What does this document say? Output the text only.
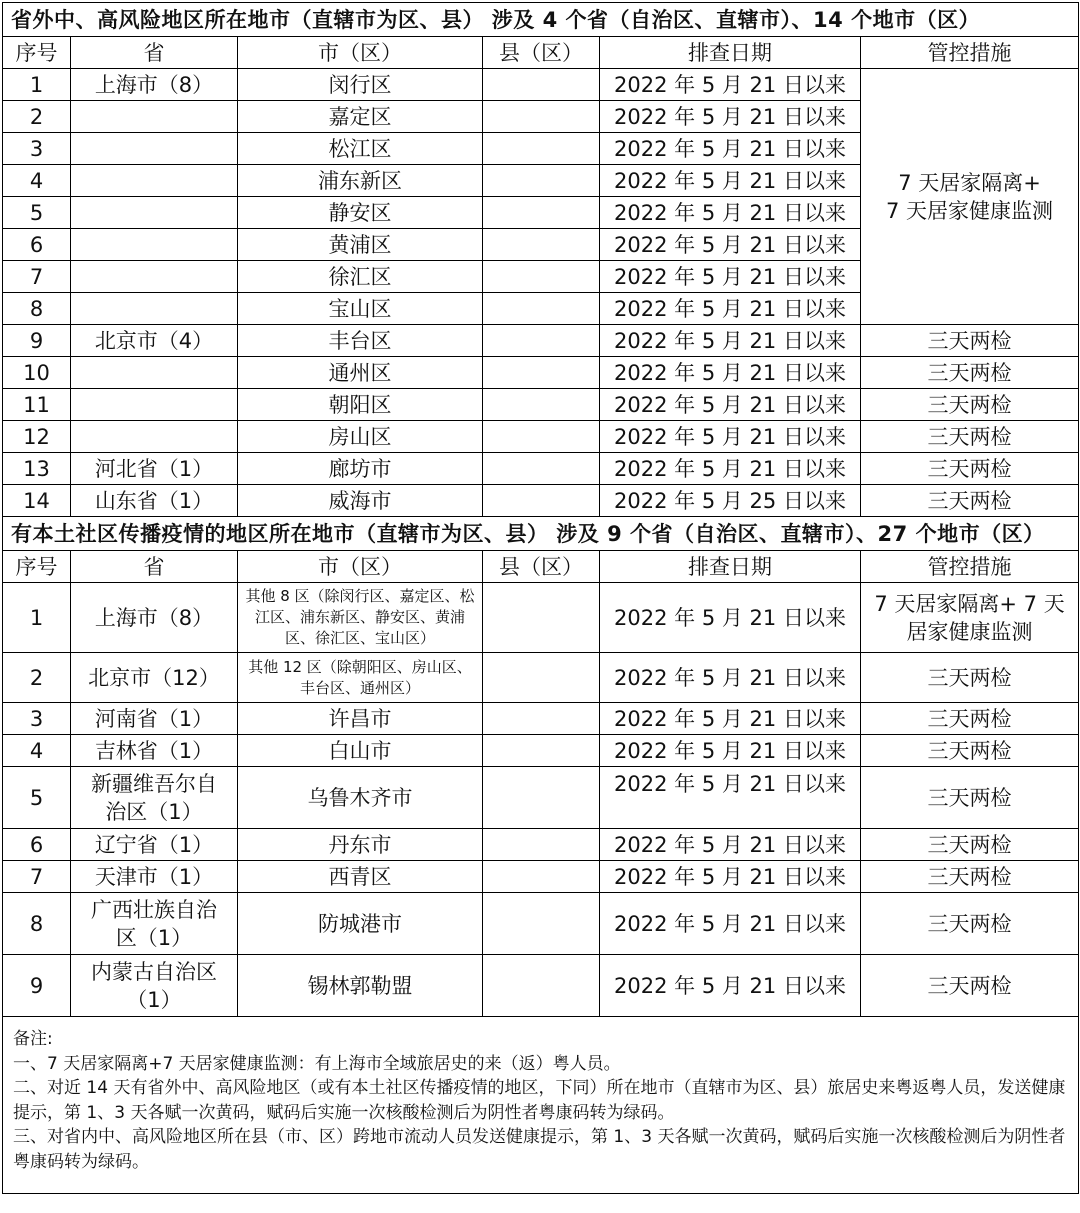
省外中、高风险地区所在地市（直辖市为区、县） 涉及 4 个省（自治区、直辖市）、14 个地市（区）					
序号	省	市（区）	县（区）	排查日期	管控措施
1	上海市（8）	闵行区		2022 年 5 月 21 日以来	7 天居家隔离+
7 天居家健康监测

2		嘉定区		2022 年 5 月 21 日以来	
3		松江区		2022 年 5 月 21 日以来	
4		浦东新区		2022 年 5 月 21 日以来	
5		静安区		2022 年 5 月 21 日以来	
6		黄浦区		2022 年 5 月 21 日以来	
7		徐汇区		2022 年 5 月 21 日以来	
8		宝山区		2022 年 5 月 21 日以来	
9	北京市（4）	丰台区		2022 年 5 月 21 日以来	三天两检
10		通州区		2022 年 5 月 21 日以来	三天两检
11		朝阳区		2022 年 5 月 21 日以来	三天两检
12		房山区		2022 年 5 月 21 日以来	三天两检
13	河北省（1）	廊坊市		2022 年 5 月 21 日以来	三天两检
14	山东省（1）	威海市		2022 年 5 月 25 日以来	三天两检
有本土社区传播疫情的地区所在地市（直辖市为区、县） 涉及 9 个省（自治区、直辖市）、27 个地市（区）					
序号	省	市（区）	县（区）	排查日期	管控措施
1	上海市（8）	其他 8 区（除闵行区、嘉定区、松江区、浦东新区、静安区、黄浦区、徐汇区、宝山区）		2022 年 5 月 21 日以来	7 天居家隔离+ 7 天居家健康监测
2	北京市（12）	其他 12 区（除朝阳区、房山区、丰台区、通州区）		2022 年 5 月 21 日以来	三天两检
3	河南省（1）	许昌市		2022 年 5 月 21 日以来	三天两检
4	吉林省（1）	白山市		2022 年 5 月 21 日以来	三天两检
5	新疆维吾尔自治区（1）	乌鲁木齐市		2022 年 5 月 21 日以来	三天两检
6	辽宁省（1）	丹东市		2022 年 5 月 21 日以来	三天两检
7	天津市（1）	西青区		2022 年 5 月 21 日以来	三天两检
8	广西壮族自治区（1）	防城港市		2022 年 5 月 21 日以来	三天两检
9	内蒙古自治区（1）	锡林郭勒盟		2022 年 5 月 21 日以来	三天两检

备注:
一、7 天居家隔离+7 天居家健康监测：有上海市全域旅居史的来（返）粤人员。
二、对近 14 天有省外中、高风险地区（或有本土社区传播疫情的地区，下同）所在地市（直辖市为区、县）旅居史来粤返粤人员，发送健康提示，第 1、3 天各赋一次黄码，赋码后实施一次核酸检测后为阴性者粤康码转为绿码。
三、对省内中、高风险地区所在县（市、区）跨地市流动人员发送健康提示，第 1、3 天各赋一次黄码，赋码后实施一次核酸检测后为阴性者粤康码转为绿码。					
